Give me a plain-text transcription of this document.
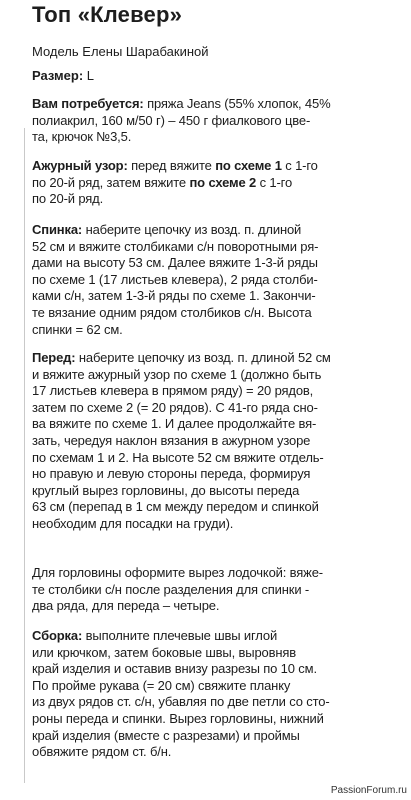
Топ «Клевер»
Модель Елены Шарабакиной
Размер: L
Вам потребуется: пряжа Jeans (55% хлопок, 45%
полиакрил, 160 м/50 г) – 450 г фиалкового цве-
та, крючок №3,5.
Ажурный узор: перед вяжите по схеме 1 с 1-го
по 20-й ряд, затем вяжите по схеме 2 с 1-го
по 20-й ряд.
Спинка: наберите цепочку из возд. п. длиной
52 см и вяжите столбиками с/н поворотными ря-
дами на высоту 53 см. Далее вяжите 1-3-й ряды
по схеме 1 (17 листьев клевера), 2 ряда столби-
ками с/н, затем 1-3-й ряды по схеме 1. Закончи-
те вязание одним рядом столбиков с/н. Высота
спинки = 62 см.
Перед: наберите цепочку из возд. п. длиной 52 см
и вяжите ажурный узор по схеме 1 (должно быть
17 листьев клевера в прямом ряду) = 20 рядов,
затем по схеме 2 (= 20 рядов). С 41-го ряда сно-
ва вяжите по схеме 1. И далее продолжайте вя-
зать, чередуя наклон вязания в ажурном узоре
по схемам 1 и 2. На высоте 52 см вяжите отдель-
но правую и левую стороны переда, формируя
круглый вырез горловины, до высоты переда
63 см (перепад в 1 см между передом и спинкой
необходим для посадки на груди).
Для горловины оформите вырез лодочкой: вяже-
те столбики с/н после разделения для спинки -
два ряда, для переда – четыре.
Сборка: выполните плечевые швы иглой
или крючком, затем боковые швы, выровняв
край изделия и оставив внизу разрезы по 10 см.
По пройме рукава (= 20 см) свяжите планку
из двух рядов ст. с/н, убавляя по две петли со сто-
роны переда и спинки. Вырез горловины, нижний
край изделия (вместе с разрезами) и проймы
обвяжите рядом ст. б/н.
PassionForum.ru
